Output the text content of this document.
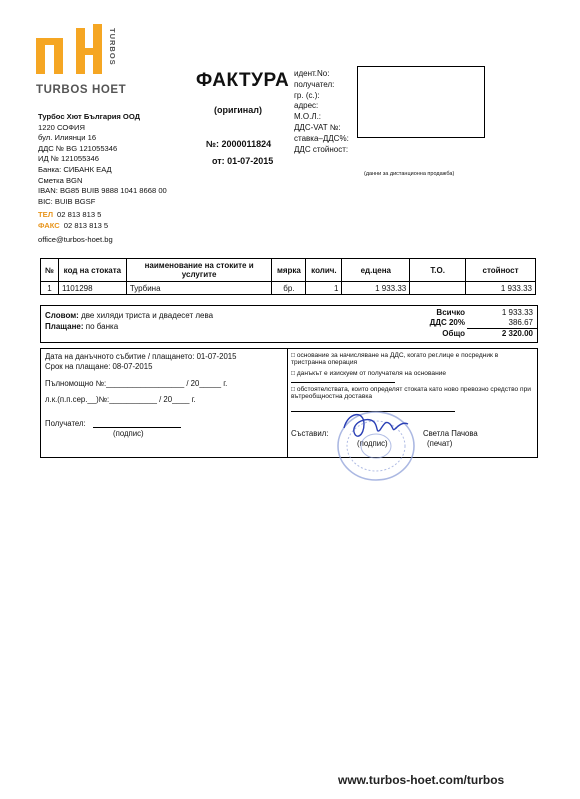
TURBOS HOET
TURBOS
Турбос Хют България ООД
1220 СОФИЯ
бул. Илиянци 16
ДДС № BG 121055346
ИД № 121055346
Банка: СИБАНК ЕАД
Сметка BGN
IBAN: BG85 BUIB 9888 1041 8668 00
BIC: BUIB BGSF
ТЕЛ 02 813 813 5
ФАКС 02 813 813 5
office@turbos-hoet.bg
ФАКТУРА
(оригинал)
№: 2000011824
от: 01-07-2015
идент.No:
получател:
гр. (с.):
адрес:
М.О.Л.:
ДДС-VAT №:
ставка–ДДС%:
ДДС стойност:
(данни за дистанционна продажба)
№	код на стоката	наименование на стоките и услугите	мярка	колич.	ед.цена	Т.О.	стойност
1	1101298	Турбина	бр.	1	1 933.33		1 933.33
Словом: две хиляди триста и двадесет лева
Плащане: по банка
Всичко	1 933.33
ДДС 20%	386.67
Общо	2 320.00
Дата на данъчното събитие / плащането: 01-07-2015
Срок на плащане: 08-07-2015
Пълномощно №:__________________ / 20_____ г.
л.к.(п.п.сер.__)№:___________ / 20____ г.
Получател:
(подпис)
□ основание за начисляване на ДДС, когато рег.лице е посредник в тристранна операция
□ данъкът е изискуем от получателя на основание
□ обстоятелствата, които определят стоката като ново превозно средство при вътреобщностна доставка
Съставил:	Светла Пачова
(подпис)	(печат)
www.turbos-hoet.com/turbos
